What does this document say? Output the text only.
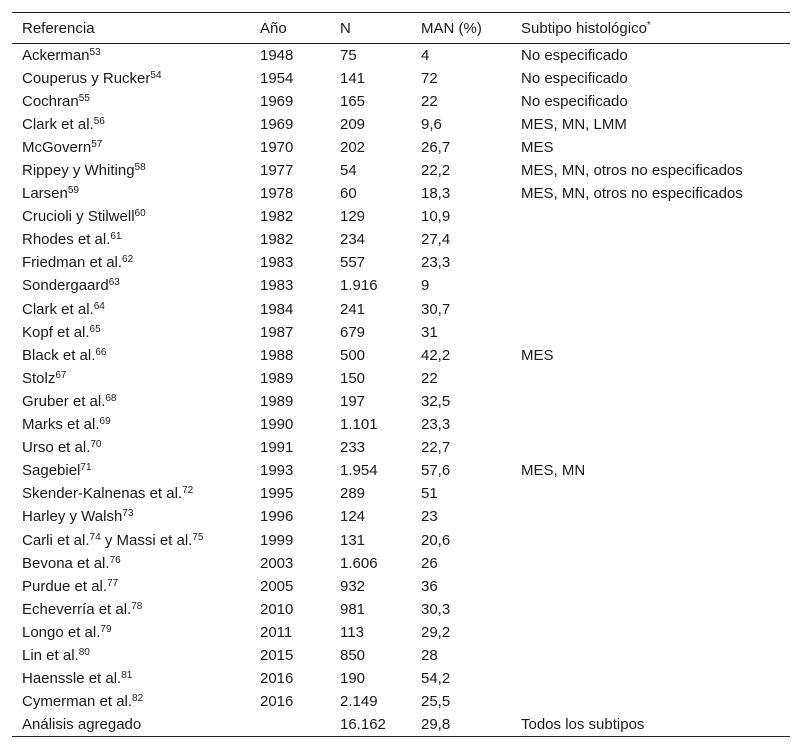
Referencia	Año	N	MAN (%)	Subtipo histológico*
Ackerman$^{53}$	1948	75	4	No especificado
Couperus y Rucker$^{54}$	1954	141	72	No especificado
Cochran$^{55}$	1969	165	22	No especificado
Clark et al.$^{56}$	1969	209	9,6	MES, MN, LMM
McGovern$^{57}$	1970	202	26,7	MES
Rippey y Whiting$^{58}$	1977	54	22,2	MES, MN, otros no especificados
Larsen$^{59}$	1978	60	18,3	MES, MN, otros no especificados
Crucioli y Stilwell$^{60}$	1982	129	10,9	
Rhodes et al.$^{61}$	1982	234	27,4	
Friedman et al.$^{62}$	1983	557	23,3	
Sondergaard$^{63}$	1983	1.916	9	
Clark et al.$^{64}$	1984	241	30,7	
Kopf et al.$^{65}$	1987	679	31	
Black et al.$^{66}$	1988	500	42,2	MES
Stolz$^{67}$	1989	150	22	
Gruber et al.$^{68}$	1989	197	32,5	
Marks et al.$^{69}$	1990	1.101	23,3	
Urso et al.$^{70}$	1991	233	22,7	
Sagebiel$^{71}$	1993	1.954	57,6	MES, MN
Skender-Kalnenas et al.$^{72}$	1995	289	51	
Harley y Walsh$^{73}$	1996	124	23	
Carli et al.$^{74}$ y Massi et al.$^{75}$	1999	131	20,6	
Bevona et al.$^{76}$	2003	1.606	26	
Purdue et al.$^{77}$	2005	932	36	
Echeverría et al.$^{78}$	2010	981	30,3	
Longo et al.$^{79}$	2011	113	29,2	
Lin et al.$^{80}$	2015	850	28	
Haenssle et al.$^{81}$	2016	190	54,2	
Cymerman et al.$^{82}$	2016	2.149	25,5	
Análisis agregado		16.162	29,8	Todos los subtipos
